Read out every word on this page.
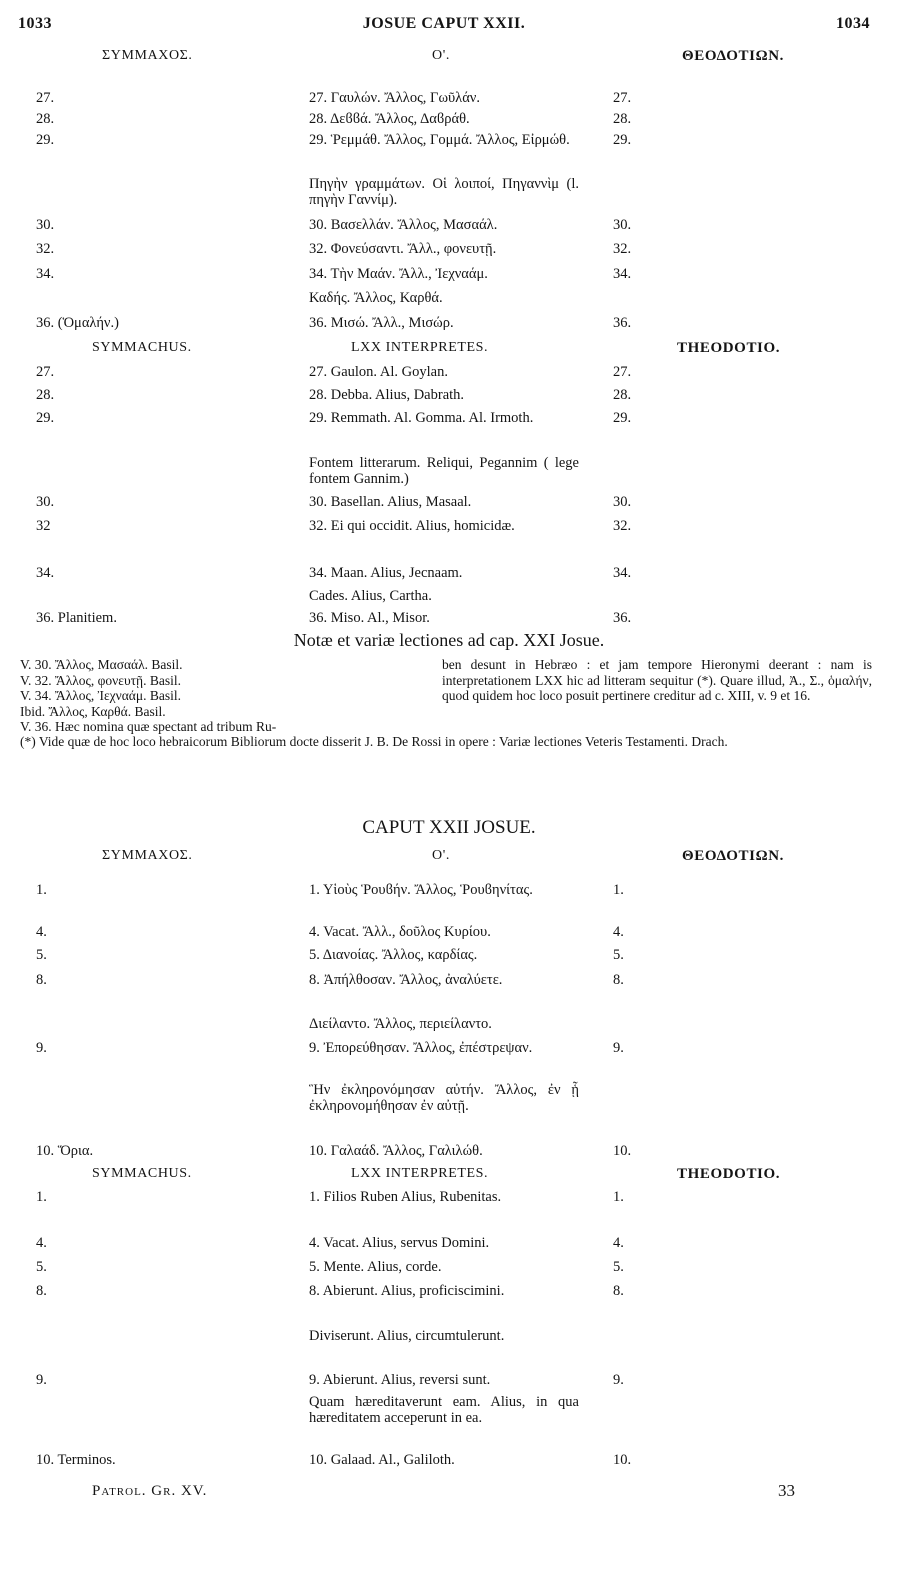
1033	JOSUE CAPUT XXII.	1034
ΣΥΜΜΑΧΟΣ.	Ο'.	ΘΕΟΔΟΤΙΩΝ.
27.	27. Γαυλών. Ἄλλος, Γωῦλάν.	27.
28.	28. Δεϐϐά. Ἄλλος, Δαϐράθ.	28.
29.	29. Ῥεμμάθ. Ἄλλος, Γομμά. Ἄλλος, Εἰρμώθ.	29.
Πηγὴν γραμμάτων. Οἱ λοιποί, Πηγαννὶμ (l. πηγὴν Γαννίμ).
30.	30. Βασελλάν. Ἄλλος, Μασαάλ.	30.
32.	32. Φονεύσαντι. Ἄλλ., φονευτῇ.	32.
34.	34. Τὴν Μαάν. Ἄλλ., Ἰεχναάμ.	34.
Καδής. Ἄλλος, Καρθά.
36. (Ὁμαλήν.)	36. Μισώ. Ἄλλ., Μισώρ.	36.
SYMMACHUS.	LXX INTERPRETES.	THEODOTIO.
27.	27. Gaulon. Al. Goylan.	27.
28.	28. Debba. Alius, Dabrath.	28.
29.	29. Remmath. Al. Gomma. Al. Irmoth.	29.
Fontem litterarum. Reliqui, Pegannim ( lege fontem Gannim.)
30.	30. Basellan. Alius, Masaal.	30.
32	32. Ei qui occidit. Alius, homicidæ.	32.
34.	34. Maan. Alius, Jecnaam.	34.
Cades. Alius, Cartha.
36. Planitiem.	36. Miso. Al., Misor.	36.
Notæ et variæ lectiones ad cap. XXI Josue.
V. 30. Ἄλλος, Μασαάλ. Basil.
V. 32. Ἄλλος, φονευτῇ. Basil.
V. 34. Ἄλλος, Ἰεχναάμ. Basil.
Ibid. Ἄλλος, Καρθά. Basil.
V. 36. Hæc nomina quæ spectant ad tribum Ru-
ben desunt in Hebræo : et jam tempore Hieronymi deerant : nam is interpretationem LXX hic ad litteram sequitur (*). Quare illud, Ἀ., Σ., ὁμαλήν, quod quidem hoc loco posuit pertinere creditur ad c. XIII, v. 9 et 16.
(*) Vide quæ de hoc loco hebraicorum Bibliorum docte disserit J. B. De Rossi in opere : Variæ lectiones Veteris Testamenti. Drach.
CAPUT XXII JOSUE.
ΣΥΜΜΑΧΟΣ.	Ο'.	ΘΕΟΔΟΤΙΩΝ.
1.	1. Υἱοὺς Ῥουϐήν. Ἄλλος, Ῥουϐηνίτας.	1.
4.	4. Vacat. Ἄλλ., δοῦλος Κυρίου.	4.
5.	5. Διανοίας. Ἄλλος, καρδίας.	5.
8.	8. Ἀπήλθοσαν. Ἄλλος, ἀναλύετε.	8.
Διείλαντο. Ἄλλος, περιείλαντο.
9.	9. Ἐπορεύθησαν. Ἄλλος, ἐπέστρεψαν.	9.
Ἣν ἐκληρονόμησαν αὐτήν. Ἄλλος, ἐν ᾗ ἐκληρονομήθησαν ἐν αὐτῇ.
10. Ὅρια.	10. Γαλαάδ. Ἄλλος, Γαλιλώθ.	10.
SYMMACHUS.	LXX INTERPRETES.	THEODOTIO.
1.	1. Filios Ruben Alius, Rubenitas.	1.
4.	4. Vacat. Alius, servus Domini.	4.
5.	5. Mente. Alius, corde.	5.
8.	8. Abierunt. Alius, proficiscimini.	8.
Diviserunt. Alius, circumtulerunt.
9.	9. Abierunt. Alius, reversi sunt.	9.
Quam hæreditaverunt eam. Alius, in qua hæreditatem acceperunt in ea.
10. Terminos.	10. Galaad. Al., Galiloth.	10.
Patrol. Gr. XV.	33
